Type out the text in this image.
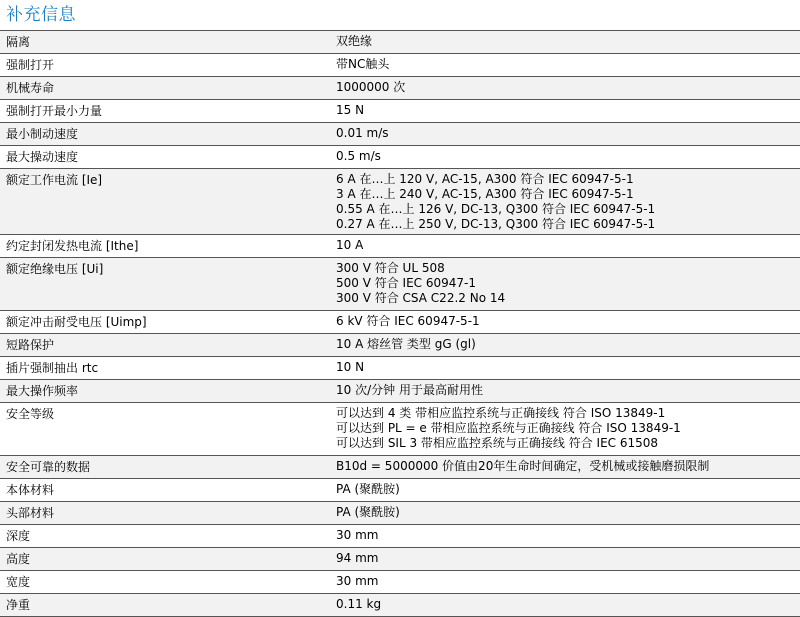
补充信息
隔离	双绝缘
强制打开	带NC触头
机械寿命	1000000 次
强制打开最小力量	15 N
最小制动速度	0.01 m/s
最大操动速度	0.5 m/s
额定工作电流 [Ie]	6 A 在…上 120 V, AC-15, A300 符合 IEC 60947-5-1
3 A 在…上 240 V, AC-15, A300 符合 IEC 60947-5-1
0.55 A 在…上 126 V, DC-13, Q300 符合 IEC 60947-5-1
0.27 A 在…上 250 V, DC-13, Q300 符合 IEC 60947-5-1
约定封闭发热电流 [Ithe]	10 A
额定绝缘电压 [Ui]	300 V 符合 UL 508
500 V 符合 IEC 60947-1
300 V 符合 CSA C22.2 No 14
额定冲击耐受电压 [Uimp]	6 kV 符合 IEC 60947-5-1
短路保护	10 A 熔丝管 类型 gG (gl)
插片强制抽出 rtc	10 N
最大操作频率	10 次/分钟 用于最高耐用性
安全等级	可以达到 4 类 带相应监控系统与正确接线 符合 ISO 13849-1
可以达到 PL = e 带相应监控系统与正确接线 符合 ISO 13849-1
可以达到 SIL 3 带相应监控系统与正确接线 符合 IEC 61508
安全可靠的数据	B10d = 5000000 价值由20年生命时间确定，受机械或接触磨损限制
本体材料	PA (聚酰胺)
头部材料	PA (聚酰胺)
深度	30 mm
高度	94 mm
宽度	30 mm
净重	0.11 kg
